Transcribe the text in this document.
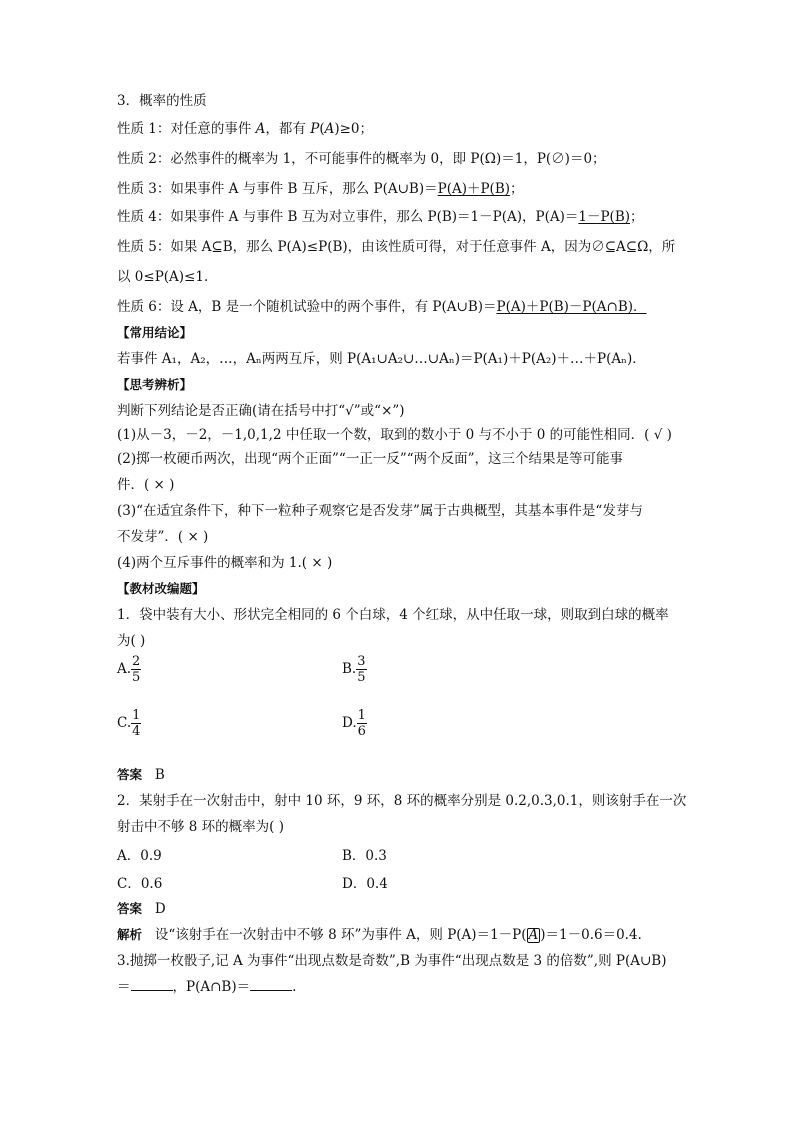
3．概率的性质
性质 1：对任意的事件 A，都有 P(A)≥0；
性质 2：必然事件的概率为 1，不可能事件的概率为 0，即 P(Ω)＝1，P(∅)＝0；
性质 3：如果事件 A 与事件 B 互斥，那么 P(A∪B)＝P(A)＋P(B)；
性质 4：如果事件 A 与事件 B 互为对立事件，那么 P(B)＝1－P(A)，P(A)＝1－P(B)；
性质 5：如果 A⊆B，那么 P(A)≤P(B)，由该性质可得，对于任意事件 A，因为∅⊆A⊆Ω，所
以 0≤P(A)≤1.
性质 6：设 A，B 是一个随机试验中的两个事件，有 P(A∪B)＝P(A)＋P(B)－P(A∩B)．
【常用结论】
若事件 A₁，A₂，…，Aₙ两两互斥，则 P(A₁∪A₂∪…∪Aₙ)＝P(A₁)＋P(A₂)＋…＋P(Aₙ)．
【思考辨析】
判断下列结论是否正确(请在括号中打“√”或“×”)
(1)从－3，－2，－1,0,1,2 中任取一个数，取到的数小于 0 与不小于 0 的可能性相同．( √ )
(2)掷一枚硬币两次，出现“两个正面”“一正一反”“两个反面”，这三个结果是等可能事
件．( × )
(3)“在适宜条件下，种下一粒种子观察它是否发芽”属于古典概型，其基本事件是“发芽与
不发芽”．( × )
(4)两个互斥事件的概率和为 1.( × )
【教材改编题】
1．袋中装有大小、形状完全相同的 6 个白球，4 个红球，从中任取一球，则取到白球的概率
为( )
A. $\frac{2}{5}$	B. $\frac{3}{5}$
C. $\frac{1}{4}$	D. $\frac{1}{6}$
答案 B
2．某射手在一次射击中，射中 10 环，9 环，8 环的概率分别是 0.2,0.3,0.1，则该射手在一次
射击中不够 8 环的概率为( )
A．0.9	B．0.3
C．0.6	D．0.4
答案 D
解析 设“该射手在一次射击中不够 8 环”为事件 A，则 P(A)＝1－P( A )＝1－0.6＝0.4.
3.抛掷一枚骰子,记 A 为事件“出现点数是奇数”,B 为事件“出现点数是 3 的倍数”,则 P(A∪B)
＝	，P(A∩B)＝	.
